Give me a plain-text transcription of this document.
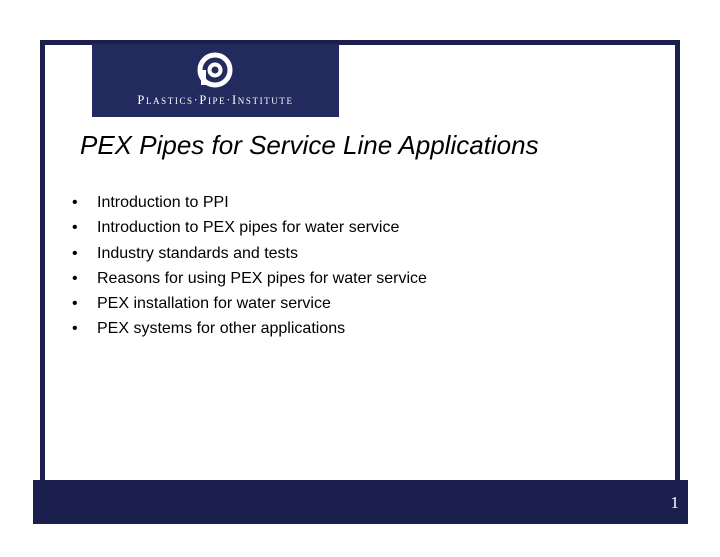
Plastics·Pipe·Institute
PEX Pipes for Service Line Applications
• Introduction to PPI
• Introduction to PEX pipes for water service
• Industry standards and tests
• Reasons for using PEX pipes for water service
• PEX installation for water service
• PEX systems for other applications
1
